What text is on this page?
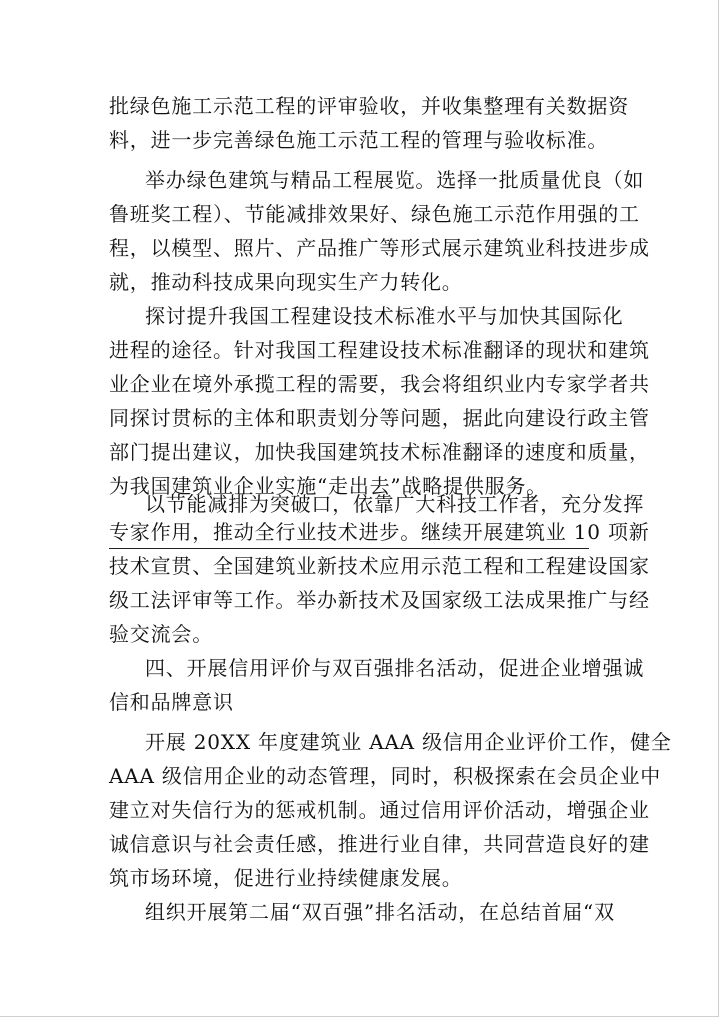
批绿色施工示范工程的评审验收，并收集整理有关数据资
料，进一步完善绿色施工示范工程的管理与验收标准。
举办绿色建筑与精品工程展览。选择一批质量优良（如
鲁班奖工程）、节能减排效果好、绿色施工示范作用强的工
程，以模型、照片、产品推广等形式展示建筑业科技进步成
就，推动科技成果向现实生产力转化。
探讨提升我国工程建设技术标准水平与加快其国际化
进程的途径。针对我国工程建设技术标准翻译的现状和建筑
业企业在境外承揽工程的需要，我会将组织业内专家学者共
同探讨贯标的主体和职责划分等问题，据此向建设行政主管
部门提出建议，加快我国建筑技术标准翻译的速度和质量，
为我国建筑业企业实施“走出去”战略提供服务。
以节能减排为突破口，依靠广大科技工作者，充分发挥
专家作用，推动全行业技术进步。继续开展建筑业 10 项新
技术宣贯、全国建筑业新技术应用示范工程和工程建设国家
级工法评审等工作。举办新技术及国家级工法成果推广与经
验交流会。
四、开展信用评价与双百强排名活动，促进企业增强诚
信和品牌意识
开展 20XX 年度建筑业 AAA 级信用企业评价工作，健全
AAA 级信用企业的动态管理，同时，积极探索在会员企业中
建立对失信行为的惩戒机制。通过信用评价活动，增强企业
诚信意识与社会责任感，推进行业自律，共同营造良好的建
筑市场环境，促进行业持续健康发展。
组织开展第二届“双百强”排名活动，在总结首届“双
